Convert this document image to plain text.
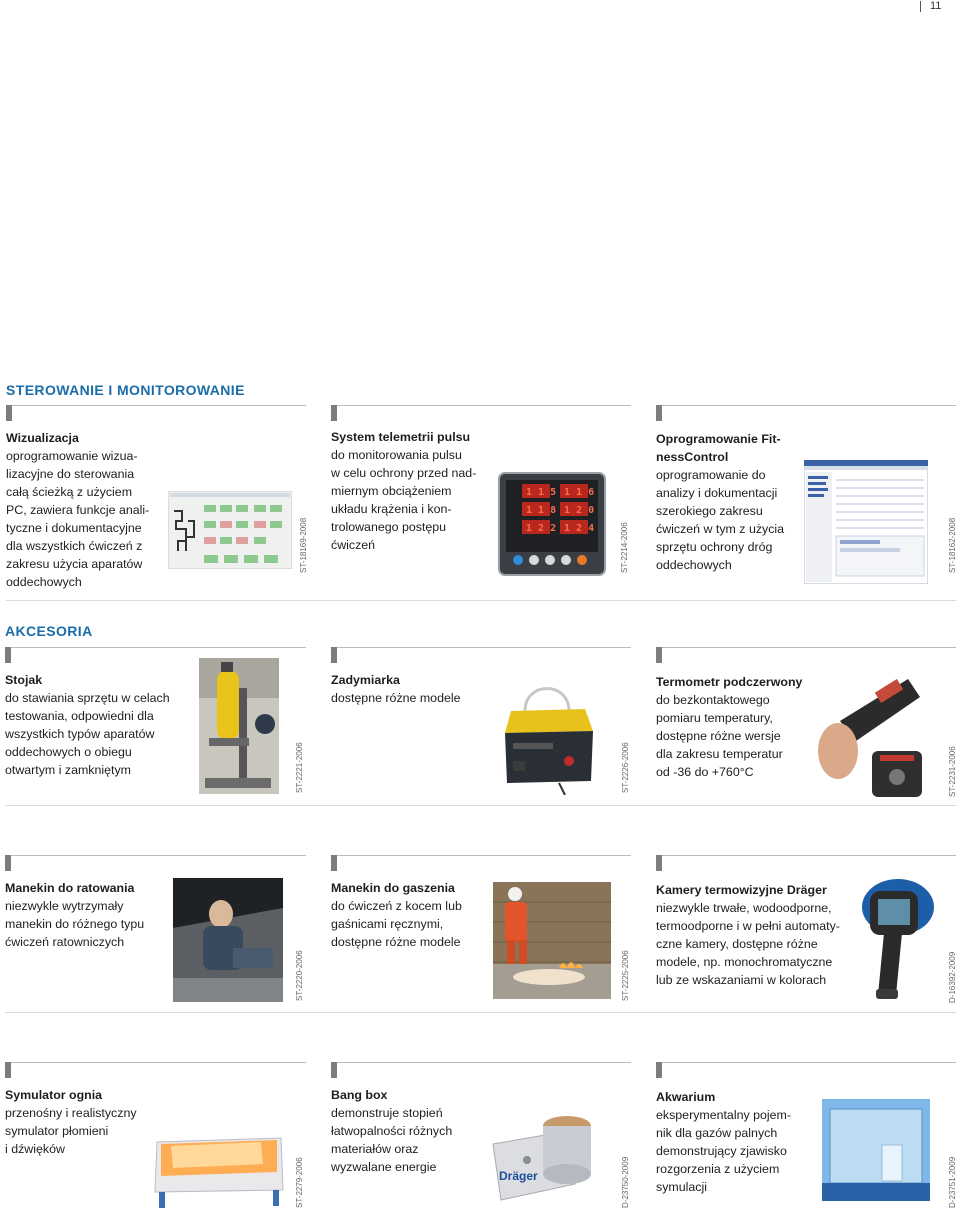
11
STEROWANIE I MONITOROWANIE
AKCESORIA
Wizualizacja
oprogramowanie wizua-
lizacyjne do sterowania
całą ścieżką z użyciem
PC, zawiera funkcje anali-
tyczne i dokumentacyjne
dla wszystkich ćwiczeń z
zakresu użycia aparatów
oddechowych
ST-18169-2008
System telemetrii pulsu
do monitorowania pulsu
w celu ochrony przed nad-
miernym obciążeniem
układu krążenia i kon-
trolowanego postępu
ćwiczeń
1 1 5 1 1 6
1 1 8 1 2 0
1 2 2 1 2 4	ST-2214-2006
Oprogramowanie Fit-
nessControl
oprogramowanie do
analizy i dokumentacji
szerokiego zakresu
ćwiczeń w tym z użycia
sprzętu ochrony dróg
oddechowych	ST-18162-2008
Stojak
do stawiania sprzętu w celach
testowania, odpowiedni dla
wszystkich typów aparatów
oddechowych o obiegu
otwartym i zamkniętym	ST-2221-2006
Zadymiarka
dostępne różne modele
ST-2226-2006
Termometr podczerwony
do bezkontaktowego
pomiaru temperatury,
dostępne różne wersje
dla zakresu temperatur
od -36 do +760°C	ST-2231-2006
Manekin do ratowania
niezwykle wytrzymały
manekin do różnego typu
ćwiczeń ratowniczych
ST-2220-2006
Manekin do gaszenia
do ćwiczeń z kocem lub
gaśnicami ręcznymi,
dostępne różne modele
ST-2225-2006
Kamery termowizyjne Dräger
niezwykle trwałe, wodoodporne,
termoodporne i w pełni automaty-
czne kamery, dostępne różne
modele, np. monochromatyczne
lub ze wskazaniami w kolorach	D-16392-2009
Symulator ognia
przenośny i realistyczny
symulator płomieni
i dźwięków
ST-2279-2006
Bang box
demonstruje stopień
łatwopalności różnych
materiałów oraz
wyzwalane energie
Dräger	D-23750-2009
Akwarium
eksperymentalny pojem-
nik dla gazów palnych
demonstrujący zjawisko
rozgorzenia z użyciem
symulacji	D-23751-2009
